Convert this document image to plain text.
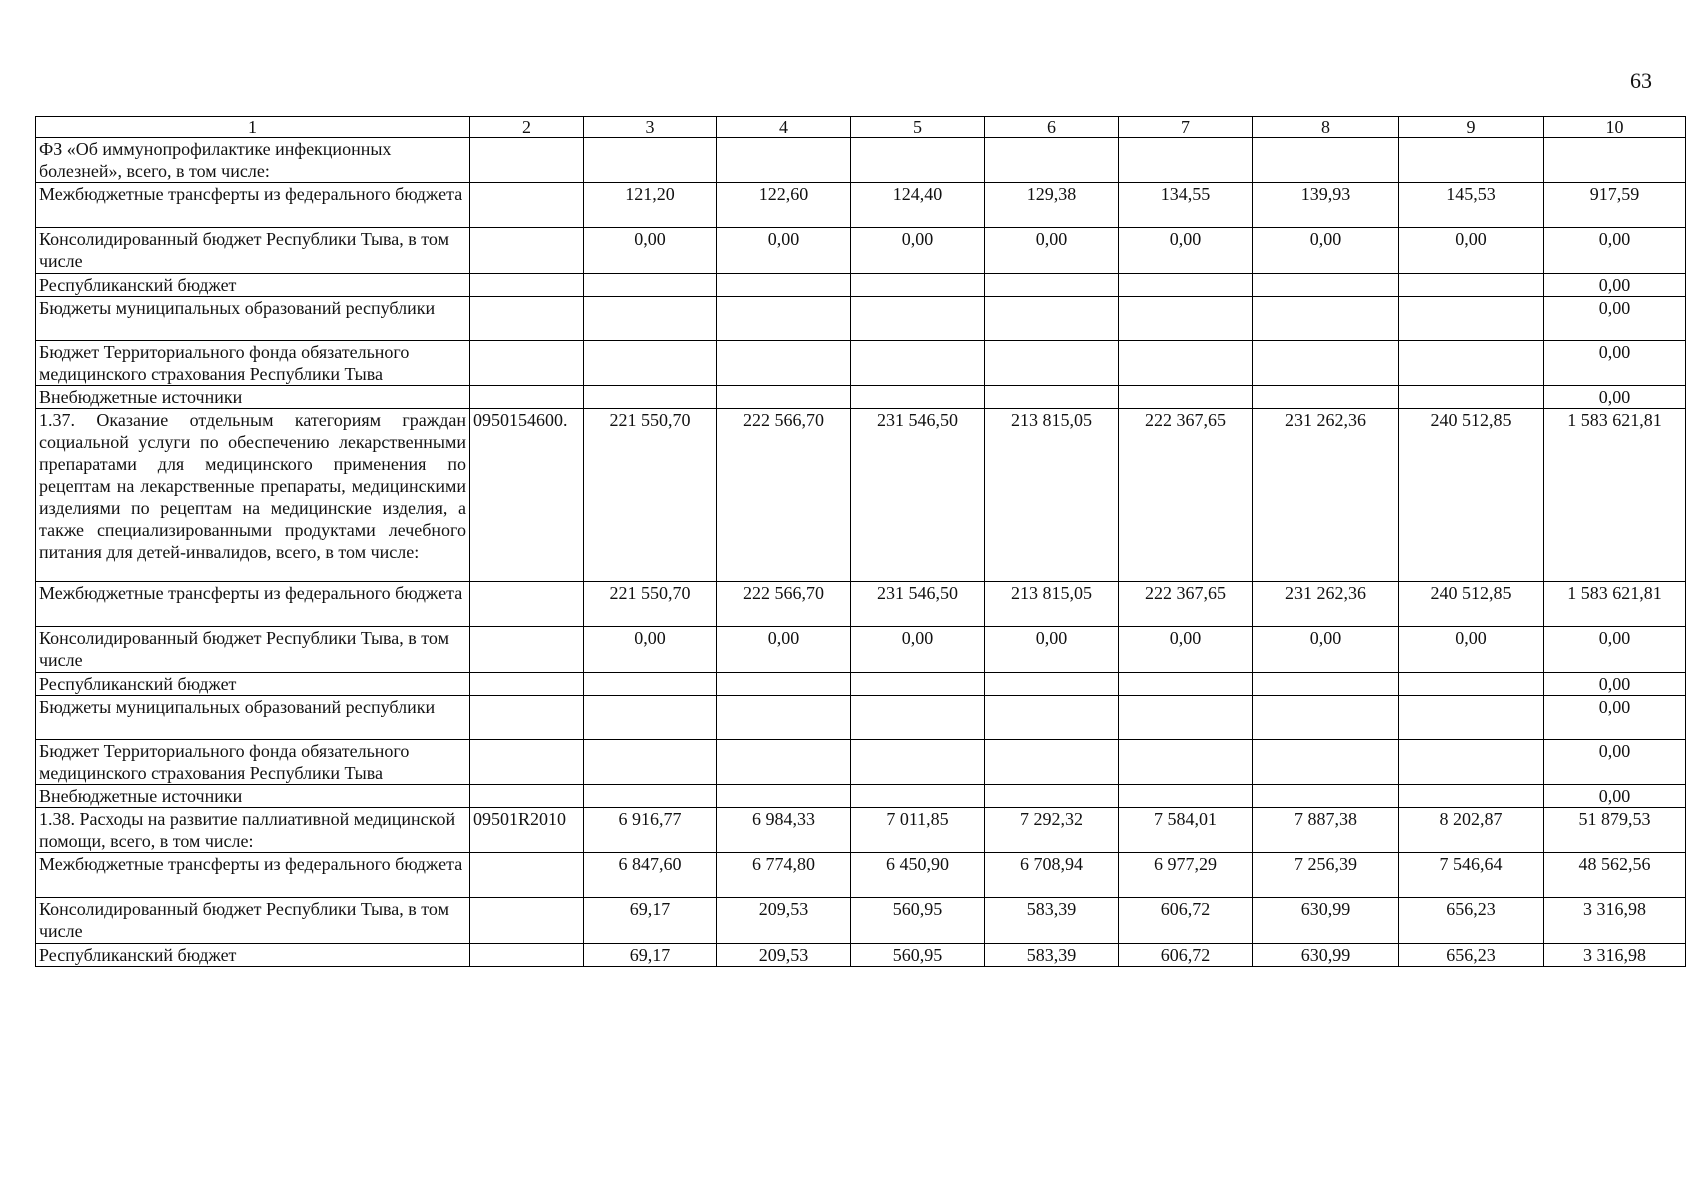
63
1	2	3	4	5	6	7	8	9	10
ФЗ «Об иммунопрофилактике инфекционных болезней», всего, в том числе:									
Межбюджетные трансферты из федерального бюджета		121,20	122,60	124,40	129,38	134,55	139,93	145,53	917,59
Консолидированный бюджет Республики Тыва, в том числе		0,00	0,00	0,00	0,00	0,00	0,00	0,00	0,00
Республиканский бюджет									0,00
Бюджеты муниципальных образований республики									0,00
Бюджет Территориального фонда обязательного медицинского страхования Республики Тыва									0,00
Внебюджетные источники									0,00
1.37. Оказание отдельным категориям граждан социальной услуги по обеспечению лекарственными препаратами для медицинского применения по рецептам на лекарственные препараты, медицинскими изделиями по рецептам на медицинские изделия, а также специализированными продуктами лечебного питания для детей-инвалидов, всего, в том числе:	0950154600.	221 550,70	222 566,70	231 546,50	213 815,05	222 367,65	231 262,36	240 512,85	1 583 621,81
Межбюджетные трансферты из федерального бюджета		221 550,70	222 566,70	231 546,50	213 815,05	222 367,65	231 262,36	240 512,85	1 583 621,81
Консолидированный бюджет Республики Тыва, в том числе		0,00	0,00	0,00	0,00	0,00	0,00	0,00	0,00
Республиканский бюджет									0,00
Бюджеты муниципальных образований республики									0,00
Бюджет Территориального фонда обязательного медицинского страхования Республики Тыва									0,00
Внебюджетные источники									0,00
1.38. Расходы на развитие паллиативной медицинской помощи, всего, в том числе:	09501R2010	6 916,77	6 984,33	7 011,85	7 292,32	7 584,01	7 887,38	8 202,87	51 879,53
Межбюджетные трансферты из федерального бюджета		6 847,60	6 774,80	6 450,90	6 708,94	6 977,29	7 256,39	7 546,64	48 562,56
Консолидированный бюджет Республики Тыва, в том числе		69,17	209,53	560,95	583,39	606,72	630,99	656,23	3 316,98
Республиканский бюджет		69,17	209,53	560,95	583,39	606,72	630,99	656,23	3 316,98
